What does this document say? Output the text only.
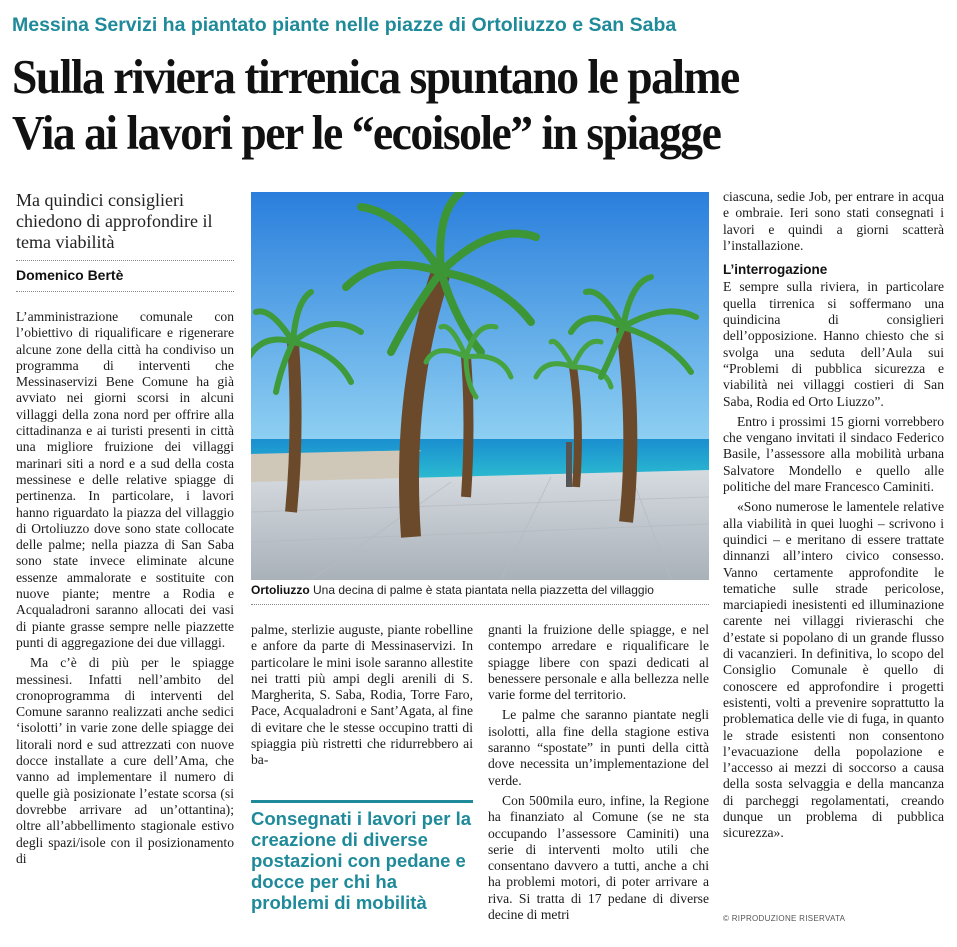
Messina Servizi ha piantato piante nelle piazze di Ortoliuzzo e San Saba
Sulla riviera tirrenica spuntano le palme
Via ai lavori per le “ecoisole” in spiagge
Ma quindici consiglieri chiedono di approfondire il tema viabilità
Domenico Bertè

L’amministrazione comunale con l’obiettivo di riqualificare e rigenerare alcune zone della città ha condiviso un programma di interventi che Messinaservizi Bene Comune ha già avviato nei giorni scorsi in alcuni villaggi della zona nord per offrire alla cittadinanza e ai turisti presenti in città una migliore fruizione dei villaggi marinari siti a nord e a sud della costa messinese e delle relative spiagge di pertinenza. In particolare, i lavori hanno riguardato la piazza del villaggio di Ortoliuzzo dove sono state collocate delle palme; nella piazza di San Saba sono state invece eliminate alcune essenze ammalorate e sostituite con nuove piante; mentre a Rodia e Acqualadroni saranno allocati dei vasi di piante grasse sempre nelle piazzette punti di aggregazione dei due villaggi.

Ma c’è di più per le spiagge messinesi. Infatti nell’ambito del cronoprogramma di interventi del Comune saranno realizzati anche sedici ‘isolotti’ in varie zone delle spiagge dei litorali nord e sud attrezzati con nuove docce installate a cure dell’Ama, che vanno ad implementare il numero di quelle già posizionate l’estate scorsa (si dovrebbe arrivare ad un’ottantina); oltre all’abbellimento stagionale estivo degli spazi/isole con il posizionamento di

Ortoliuzzo Una decina di palme è stata piantata nella piazzetta del villaggio

palme, sterlizie auguste, piante robelline e anfore da parte di Messinaservizi. In particolare le mini isole saranno allestite nei tratti più ampi degli arenili di S. Margherita, S. Saba, Rodia, Torre Faro, Pace, Acqualadroni e Sant’Agata, al fine di evitare che le stesse occupino tratti di spiaggia più ristretti che ridurrebbero ai ba-

Consegnati i lavori per la creazione di diverse postazioni con pedane e docce per chi ha problemi di mobilità

gnanti la fruizione delle spiagge, e nel contempo arredare e riqualificare le spiagge libere con spazi dedicati al benessere personale e alla bellezza nelle varie forme del territorio.

Le palme che saranno piantate negli isolotti, alla fine della stagione estiva saranno “spostate” in punti della città dove necessita un’implementazione del verde.

Con 500mila euro, infine, la Regione ha finanziato al Comune (se ne sta occupando l’assessore Caminiti) una serie di interventi molto utili che consentano davvero a tutti, anche a chi ha problemi motori, di poter arrivare a riva. Si tratta di 17 pedane di diverse decine di metri

ciascuna, sedie Job, per entrare in acqua e ombraie. Ieri sono stati consegnati i lavori e quindi a giorni scatterà l’installazione.

L’interrogazione

E sempre sulla riviera, in particolare quella tirrenica si soffermano una quindicina di consiglieri dell’opposizione. Hanno chiesto che si svolga una seduta dell’Aula sui “Problemi di pubblica sicurezza e viabilità nei villaggi costieri di San Saba, Rodia ed Orto Liuzzo”.

Entro i prossimi 15 giorni vorrebbero che vengano invitati il sindaco Federico Basile, l’assessore alla mobilità urbana Salvatore Mondello e quello alle politiche del mare Francesco Caminiti.

«Sono numerose le lamentele relative alla viabilità in quei luoghi – scrivono i quindici – e meritano di essere trattate dinnanzi all’intero civico consesso. Vanno certamente approfondite le tematiche sulle strade pericolose, marciapiedi inesistenti ed illuminazione carente nei villaggi rivieraschi che d’estate si popolano di un grande flusso di vacanzieri. In definitiva, lo scopo del Consiglio Comunale è quello di conoscere ed approfondire i progetti esistenti, volti a prevenire soprattutto la problematica delle vie di fuga, in quanto le strade esistenti non consentono l’evacuazione della popolazione e l’accesso ai mezzi di soccorso a causa della sosta selvaggia e della mancanza di parcheggi regolamentati, creando dunque un problema di pubblica sicurezza».

© RIPRODUZIONE RISERVATA
